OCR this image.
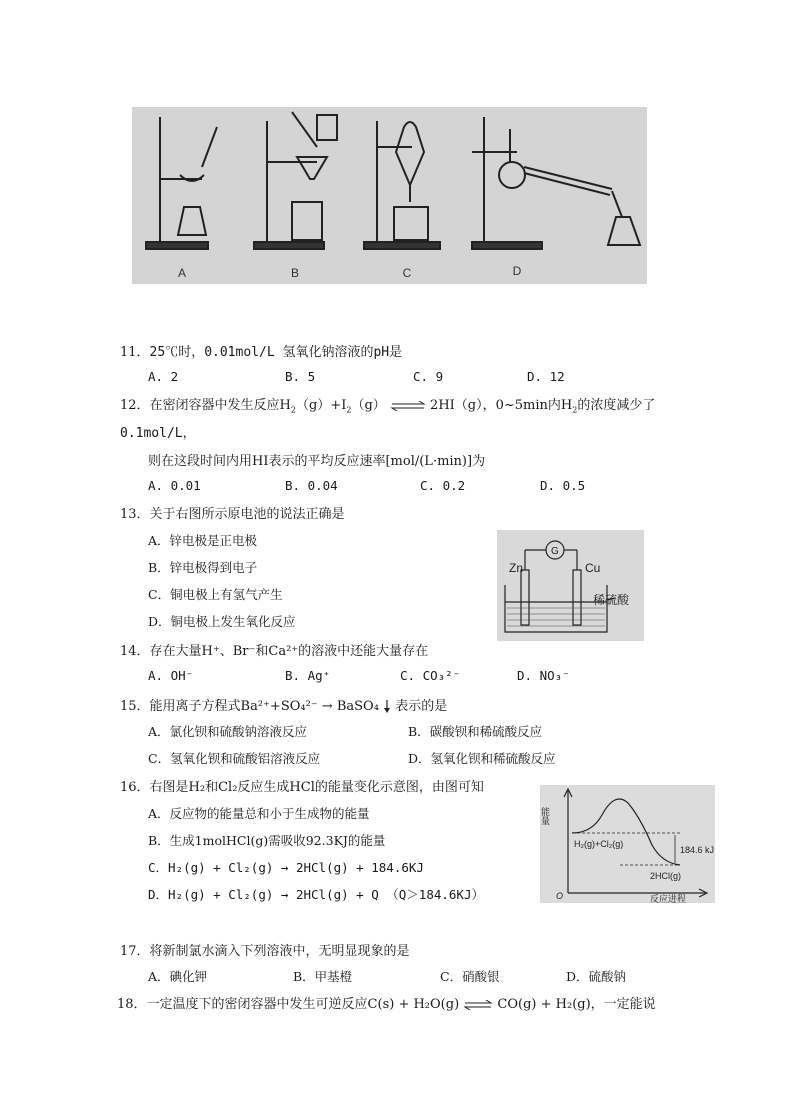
A	B	C	D
11．25℃时，0.01mol/L 氢氧化钠溶液的pH是
A. 2	B. 5	C. 9	D. 12
12．在密闭容器中发生反应$H_2(g)+I_2(g)$ ⇌ 2HI（g），0~5min内$H_2$的浓度减少了
0.1mol/L，
则在这段时间内用HI表示的平均反应速率[mol/(L·min)]为
A. 0.01	B. 0.04	C. 0.2	D. 0.5
13．关于右图所示原电池的说法正确是
A．锌电极是正电极
B．锌电极得到电子
C．铜电极上有氢气产生
D．铜电极上发生氧化反应
G
Zn	Cu
稀硫酸
14．存在大量H⁺、Br⁻和Ca²⁺的溶液中还能大量存在
A. OH⁻	B. Ag⁺	C. CO₃²⁻	D. NO₃⁻
15．能用离子方程式Ba²⁺+SO₄²⁻ → BaSO₄ 表示的是
A．氯化钡和硫酸钠溶液反应	B．碳酸钡和稀硫酸反应
C．氢氧化钡和硫酸铝溶液反应	D．氢氧化钡和稀硫酸反应
16．右图是H₂和Cl₂反应生成HCl的能量变化示意图，由图可知
A．反应物的能量总和小于生成物的能量
B．生成1molHCl(g)需吸收92.3KJ的能量
C．H₂(g) + Cl₂(g) → 2HCl(g) + 184.6KJ
D．H₂(g) + Cl₂(g) → 2HCl(g) + Q （Q＞184.6KJ）
能量
H₂(g)+Cl₂(g)
184.6 kJ
2HCl(g)
O	反应进程
17．将新制氯水滴入下列溶液中，无明显现象的是
A．碘化钾	B．甲基橙	C．硝酸银	D．硫酸钠
18．一定温度下的密闭容器中发生可逆反应C(s) + H₂O(g) ⇌ CO(g) + H₂(g)，一定能说
